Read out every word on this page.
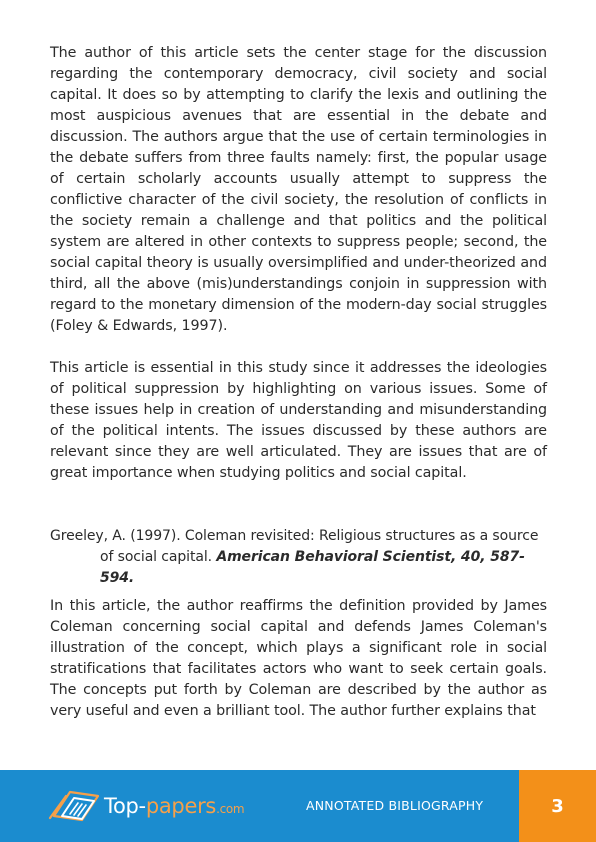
The author of this article sets the center stage for the discussion regarding the contemporary democracy, civil society and social capital. It does so by attempting to clarify the lexis and outlining the most auspicious avenues that are essential in the debate and discussion. The authors argue that the use of certain terminologies in the debate suffers from three faults namely: first, the popular usage of certain scholarly accounts usually attempt to suppress the conflictive character of the civil society, the resolution of conflicts in the society remain a challenge and that politics and the political system are altered in other contexts to suppress people; second, the social capital theory is usually oversimplified and under-theorized and third, all the above (mis)understandings conjoin in suppression with regard to the monetary dimension of the modern-day social struggles (Foley & Edwards, 1997).

This article is essential in this study since it addresses the ideologies of political suppression by highlighting on various issues. Some of these issues help in creation of understanding and misunderstanding of the political intents. The issues discussed by these authors are relevant since they are well articulated. They are issues that are of great importance when studying politics and social capital.

Greeley, A. (1997). Coleman revisited: Religious structures as a source of social capital. American Behavioral Scientist, 40, 587-594.

In this article, the author reaffirms the definition provided by James Coleman concerning social capital and defends James Coleman's illustration of the concept, which plays a significant role in social stratifications that facilitates actors who want to seek certain goals. The concepts put forth by Coleman are described by the author as very useful and even a brilliant tool. The author further explains that

Top-papers.com	ANNOTATED BIBLIOGRAPHY	3
